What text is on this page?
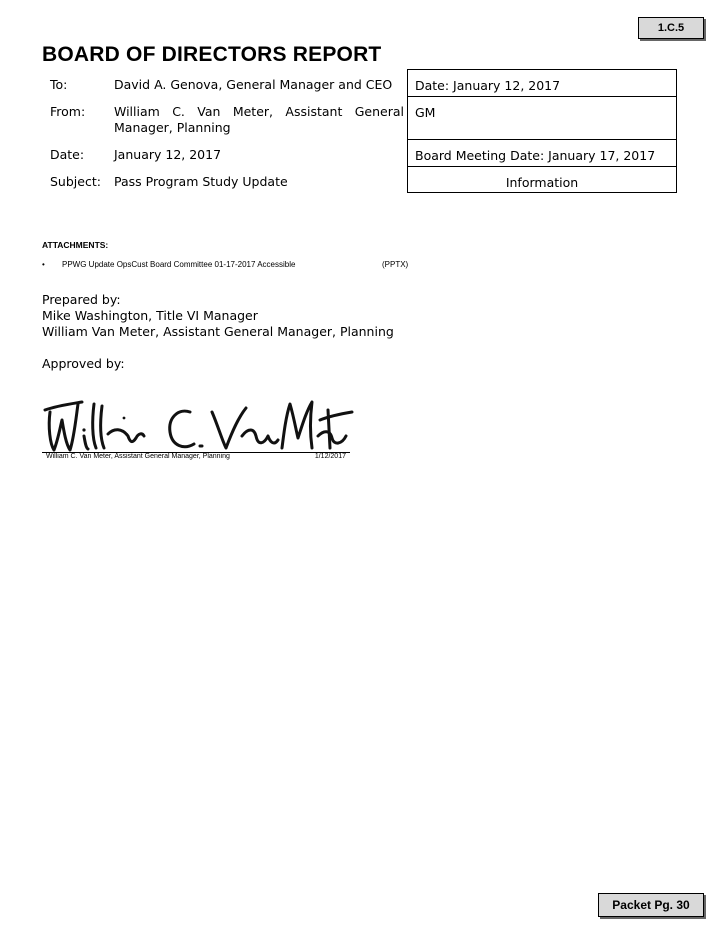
1.C.5
BOARD OF DIRECTORS REPORT
To:	David A. Genova, General Manager and CEO
From: William C. Van Meter, Assistant General Manager, Planning
Date: January 12, 2017
Subject: Pass Program Study Update
Date: January 12, 2017
GM
Board Meeting Date: January 17, 2017
Information
ATTACHMENTS:
• PPWG Update OpsCust Board Committee 01-17-2017 Accessible	(PPTX)
Prepared by:
Mike Washington, Title VI Manager
William Van Meter, Assistant General Manager, Planning
Approved by:
William C. Van Meter, Assistant General Manager, Planning	1/12/2017
Packet Pg. 30
